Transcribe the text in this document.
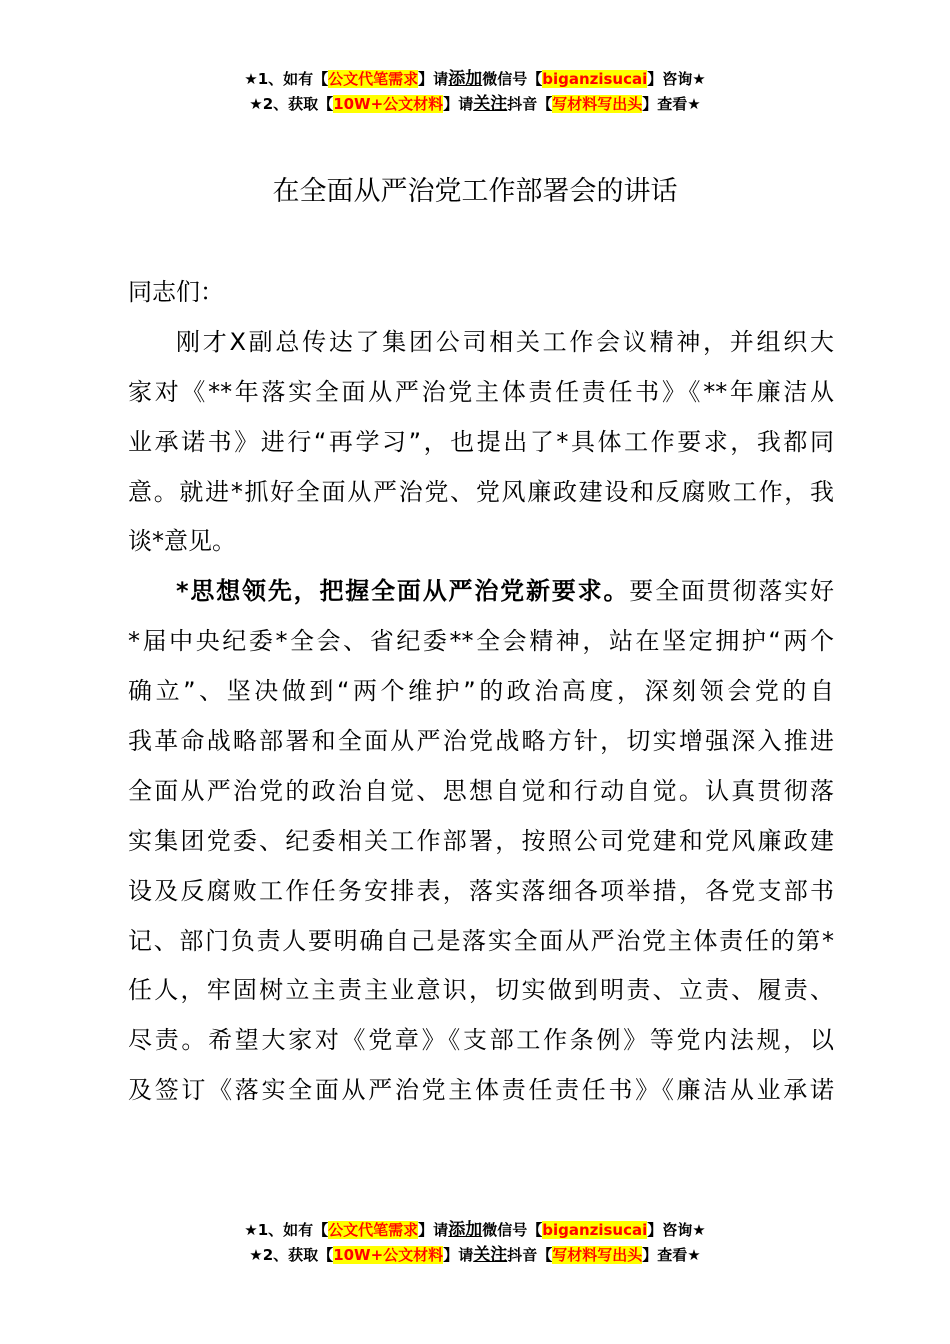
★1、如有【公文代笔需求】请添加微信号【biganzisucai】咨询★
★2、获取【10W+公文材料】请关注抖音【写材料写出头】查看★
在全面从严治党工作部署会的讲话
同志们：
刚才X副总传达了集团公司相关工作会议精神，并组织大
家对《**年落实全面从严治党主体责任责任书》《**年廉洁从
业承诺书》进行“再学习”，也提出了*具体工作要求，我都同
意。就进*抓好全面从严治党、党风廉政建设和反腐败工作，我
谈*意见。
*思想领先，把握全面从严治党新要求。要全面贯彻落实好
*届中央纪委*全会、省纪委**全会精神，站在坚定拥护“两个
确立”、坚决做到“两个维护”的政治高度，深刻领会党的自
我革命战略部署和全面从严治党战略方针，切实增强深入推进
全面从严治党的政治自觉、思想自觉和行动自觉。认真贯彻落
实集团党委、纪委相关工作部署，按照公司党建和党风廉政建
设及反腐败工作任务安排表，落实落细各项举措，各党支部书
记、部门负责人要明确自己是落实全面从严治党主体责任的第*
任人，牢固树立主责主业意识，切实做到明责、立责、履责、
尽责。希望大家对《党章》《支部工作条例》等党内法规，以
及签订《落实全面从严治党主体责任责任书》《廉洁从业承诺
★1、如有【公文代笔需求】请添加微信号【biganzisucai】咨询★
★2、获取【10W+公文材料】请关注抖音【写材料写出头】查看★
